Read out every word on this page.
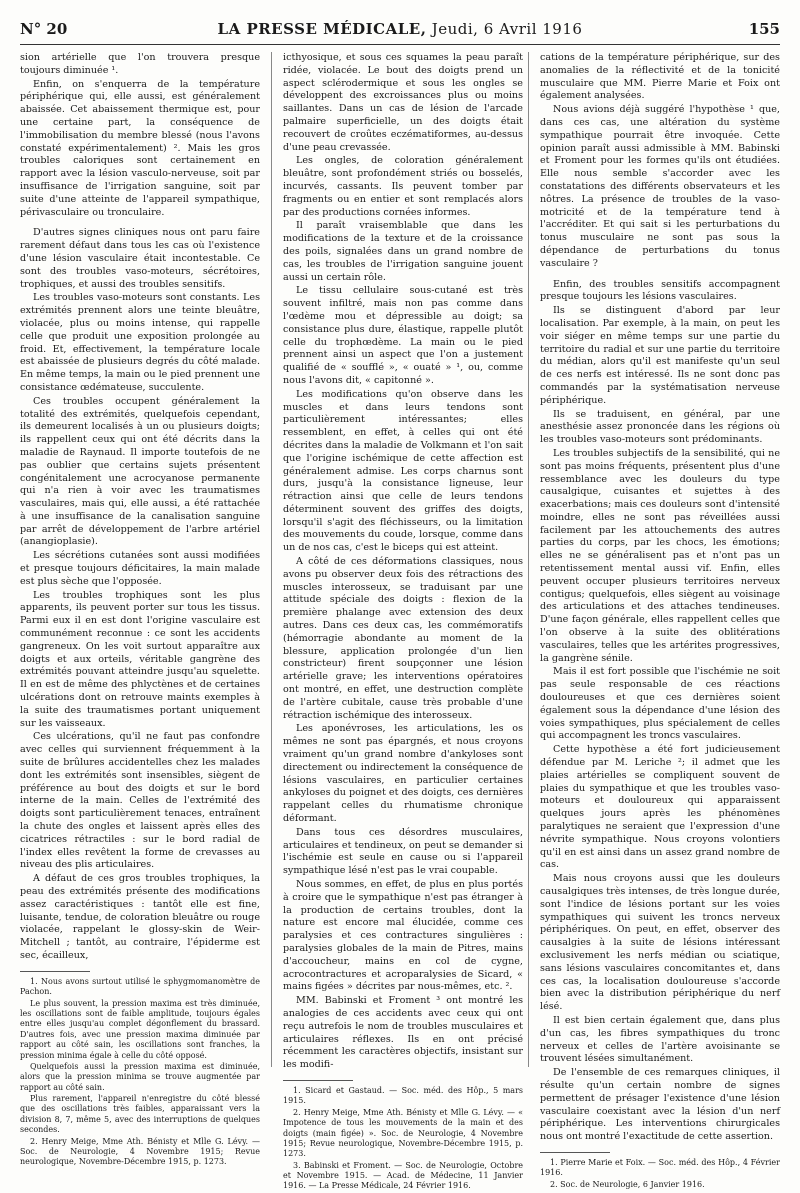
N° 20	LA PRESSE MÉDICALE, Jeudi, 6 Avril 1916	155

sion artérielle que l'on trouvera presque toujours diminuée ¹.

Enfin, on s'enquerra de la température périphérique qui, elle aussi, est généralement abaissée. Cet abaissement thermique est, pour une certaine part, la conséquence de l'immobilisation du membre blessé (nous l'avons constaté expérimentalement) ². Mais les gros troubles caloriques sont certainement en rapport avec la lésion vasculo-nerveuse, soit par insuffisance de l'irrigation sanguine, soit par suite d'une atteinte de l'appareil sympathique, périvasculaire ou tronculaire.

D'autres signes cliniques nous ont paru faire rarement défaut dans tous les cas où l'existence d'une lésion vasculaire était incontestable. Ce sont des troubles vaso-moteurs, sécrétoires, trophiques, et aussi des troubles sensitifs.

Les troubles vaso-moteurs sont constants. Les extrémités prennent alors une teinte bleuâtre, violacée, plus ou moins intense, qui rappelle celle que produit une exposition prolongée au froid. Et, effectivement, la température locale est abaissée de plusieurs degrés du côté malade. En même temps, la main ou le pied prennent une consistance œdémateuse, succulente.

Ces troubles occupent généralement la totalité des extrémités, quelquefois cependant, ils demeurent localisés à un ou plusieurs doigts; ils rappellent ceux qui ont été décrits dans la maladie de Raynaud. Il importe toutefois de ne pas oublier que certains sujets présentent congénitalement une acrocyanose permanente qui n'a rien à voir avec les traumatismes vasculaires, mais qui, elle aussi, a été rattachée à une insuffisance de la canalisation sanguine par arrêt de développement de l'arbre artériel (anangioplasie).

Les sécrétions cutanées sont aussi modifiées et presque toujours déficitaires, la main malade est plus sèche que l'opposée.

Les troubles trophiques sont les plus apparents, ils peuvent porter sur tous les tissus. Parmi eux il en est dont l'origine vasculaire est communément reconnue : ce sont les accidents gangreneux. On les voit surtout apparaître aux doigts et aux orteils, véritable gangrène des extrémités pouvant atteindre jusqu'au squelette. Il en est de même des phlyctènes et de certaines ulcérations dont on retrouve maints exemples à la suite des traumatismes portant uniquement sur les vaisseaux.

Ces ulcérations, qu'il ne faut pas confondre avec celles qui surviennent fréquemment à la suite de brûlures accidentelles chez les malades dont les extrémités sont insensibles, siègent de préférence au bout des doigts et sur le bord interne de la main. Celles de l'extrémité des doigts sont particulièrement tenaces, entraînent la chute des ongles et laissent après elles des cicatrices rétractiles : sur le bord radial de l'index elles revêtent la forme de crevasses au niveau des plis articulaires.

A défaut de ces gros troubles trophiques, la peau des extrémités présente des modifications assez caractéristiques : tantôt elle est fine, luisante, tendue, de coloration bleuâtre ou rouge violacée, rappelant le glossy-skin de Weir-Mitchell ; tantôt, au contraire, l'épiderme est sec, écailleux,

1. Nous avons surtout utilisé le sphygmomanomètre de Pachon.

Le plus souvent, la pression maxima est très diminuée, les oscillations sont de faible amplitude, toujours égales entre elles jusqu'au complet dégonflement du brassard. D'autres fois, avec une pression maxima diminuée par rapport au côté sain, les oscillations sont franches, la pression minima égale à celle du côté opposé.

Quelquefois aussi la pression maxima est diminuée, alors que la pression minima se trouve augmentée par rapport au côté sain.

Plus rarement, l'appareil n'enregistre du côté blessé que des oscillations très faibles, apparaissant vers la division 8, 7, même 5, avec des interruptions de quelques secondes.

2. Henry Meige, Mme Ath. Bénisty et Mlle G. Lévy. — Soc. de Neurologie, 4 Novembre 1915; Revue neurologique, Novembre-Décembre 1915, p. 1273.

icthyosique, et sous ces squames la peau paraît ridée, violacée. Le bout des doigts prend un aspect sclérodermique et sous les ongles se développent des excroissances plus ou moins saillantes. Dans un cas de lésion de l'arcade palmaire superficielle, un des doigts était recouvert de croûtes eczématiformes, au-dessus d'une peau crevassée.

Les ongles, de coloration généralement bleuâtre, sont profondément striés ou bosselés, incurvés, cassants. Ils peuvent tomber par fragments ou en entier et sont remplacés alors par des productions cornées informes.

Il paraît vraisemblable que dans les modifications de la texture et de la croissance des poils, signalées dans un grand nombre de cas, les troubles de l'irrigation sanguine jouent aussi un certain rôle.

Le tissu cellulaire sous-cutané est très souvent infiltré, mais non pas comme dans l'œdème mou et dépressible au doigt; sa consistance plus dure, élastique, rappelle plutôt celle du trophœdème. La main ou le pied prennent ainsi un aspect que l'on a justement qualifié de « soufflé », « ouaté » ¹, ou, comme nous l'avons dit, « capitonné ».

Les modifications qu'on observe dans les muscles et dans leurs tendons sont particulièrement intéressantes; elles ressemblent, en effet, à celles qui ont été décrites dans la maladie de Volkmann et l'on sait que l'origine ischémique de cette affection est généralement admise. Les corps charnus sont durs, jusqu'à la consistance ligneuse, leur rétraction ainsi que celle de leurs tendons déterminent souvent des griffes des doigts, lorsqu'il s'agit des fléchisseurs, ou la limitation des mouvements du coude, lorsque, comme dans un de nos cas, c'est le biceps qui est atteint.

A côté de ces déformations classiques, nous avons pu observer deux fois des rétractions des muscles interosseux, se traduisant par une attitude spéciale des doigts : flexion de la première phalange avec extension des deux autres. Dans ces deux cas, les commémoratifs (hémorragie abondante au moment de la blessure, application prolongée d'un lien constricteur) firent soupçonner une lésion artérielle grave; les interventions opératoires ont montré, en effet, une destruction complète de l'artère cubitale, cause très probable d'une rétraction ischémique des interosseux.

Les aponévroses, les articulations, les os mêmes ne sont pas épargnés, et nous croyons vraiment qu'un grand nombre d'ankyloses sont directement ou indirectement la conséquence de lésions vasculaires, en particulier certaines ankyloses du poignet et des doigts, ces dernières rappelant celles du rhumatisme chronique déformant.

Dans tous ces désordres musculaires, articulaires et tendineux, on peut se demander si l'ischémie est seule en cause ou si l'appareil sympathique lésé n'est pas le vrai coupable.

Nous sommes, en effet, de plus en plus portés à croire que le sympathique n'est pas étranger à la production de certains troubles, dont la nature est encore mal élucidée, comme ces paralysies et ces contractures singulières : paralysies globales de la main de Pitres, mains d'accoucheur, mains en col de cygne, acrocontractures et acroparalysies de Sicard, « mains figées » décrites par nous-mêmes, etc. ².

MM. Babinski et Froment ³ ont montré les analogies de ces accidents avec ceux qui ont reçu autrefois le nom de troubles musculaires et articulaires réflexes. Ils en ont précisé récemment les caractères objectifs, insistant sur les modifi-

1. Sicard et Gastaud. — Soc. méd. des Hôp., 5 mars 1915.

2. Henry Meige, Mme Ath. Bénisty et Mlle G. Lévy. — « Impotence de tous les mouvements de la main et des doigts (main figée) ». Soc. de Neurologie, 4 Novembre 1915; Revue neurologique, Novembre-Décembre 1915, p. 1273.

3. Babinski et Froment. — Soc. de Neurologie, Octobre et Novembre 1915. — Acad. de Médecine, 11 Janvier 1916. — La Presse Médicale, 24 Février 1916.

cations de la température périphérique, sur des anomalies de la réflectivité et de la tonicité musculaire que MM. Pierre Marie et Foix ont également analysées.

Nous avions déjà suggéré l'hypothèse ¹ que, dans ces cas, une altération du système sympathique pourrait être invoquée. Cette opinion paraît aussi admissible à MM. Babinski et Froment pour les formes qu'ils ont étudiées. Elle nous semble s'accorder avec les constatations des différents observateurs et les nôtres. La présence de troubles de la vaso-motricité et de la température tend à l'accréditer. Et qui sait si les perturbations du tonus musculaire ne sont pas sous la dépendance de perturbations du tonus vasculaire ?

Enfin, des troubles sensitifs accompagnent presque toujours les lésions vasculaires.

Ils se distinguent d'abord par leur localisation. Par exemple, à la main, on peut les voir siéger en même temps sur une partie du territoire du radial et sur une partie du territoire du médian, alors qu'il est manifeste qu'un seul de ces nerfs est intéressé. Ils ne sont donc pas commandés par la systématisation nerveuse périphérique.

Ils se traduisent, en général, par une anesthésie assez prononcée dans les régions où les troubles vaso-moteurs sont prédominants.

Les troubles subjectifs de la sensibilité, qui ne sont pas moins fréquents, présentent plus d'une ressemblance avec les douleurs du type causalgique, cuisantes et sujettes à des exacerbations; mais ces douleurs sont d'intensité moindre, elles ne sont pas réveillées aussi facilement par les attouchements des autres parties du corps, par les chocs, les émotions; elles ne se généralisent pas et n'ont pas un retentissement mental aussi vif. Enfin, elles peuvent occuper plusieurs territoires nerveux contigus; quelquefois, elles siègent au voisinage des articulations et des attaches tendineuses. D'une façon générale, elles rappellent celles que l'on observe à la suite des oblitérations vasculaires, telles que les artérites progressives, la gangrène sénile.

Mais il est fort possible que l'ischémie ne soit pas seule responsable de ces réactions douloureuses et que ces dernières soient également sous la dépendance d'une lésion des voies sympathiques, plus spécialement de celles qui accompagnent les troncs vasculaires.

Cette hypothèse a été fort judicieusement défendue par M. Leriche ²; il admet que les plaies artérielles se compliquent souvent de plaies du sympathique et que les troubles vaso-moteurs et douloureux qui apparaissent quelques jours après les phénomènes paralytiques ne seraient que l'expression d'une névrite sympathique. Nous croyons volontiers qu'il en est ainsi dans un assez grand nombre de cas.

Mais nous croyons aussi que les douleurs causalgiques très intenses, de très longue durée, sont l'indice de lésions portant sur les voies sympathiques qui suivent les troncs nerveux périphériques. On peut, en effet, observer des causalgies à la suite de lésions intéressant exclusivement les nerfs médian ou sciatique, sans lésions vasculaires concomitantes et, dans ces cas, la localisation douloureuse s'accorde bien avec la distribution périphérique du nerf lésé.

Il est bien certain également que, dans plus d'un cas, les fibres sympathiques du tronc nerveux et celles de l'artère avoisinante se trouvent lésées simultanément.

De l'ensemble de ces remarques cliniques, il résulte qu'un certain nombre de signes permettent de présager l'existence d'une lésion vasculaire coexistant avec la lésion d'un nerf périphérique. Les interventions chirurgicales nous ont montré l'exactitude de cette assertion.

1. Pierre Marie et Foix. — Soc. méd. des Hôp., 4 Février 1916.

2. Soc. de Neurologie, 6 Janvier 1916.
